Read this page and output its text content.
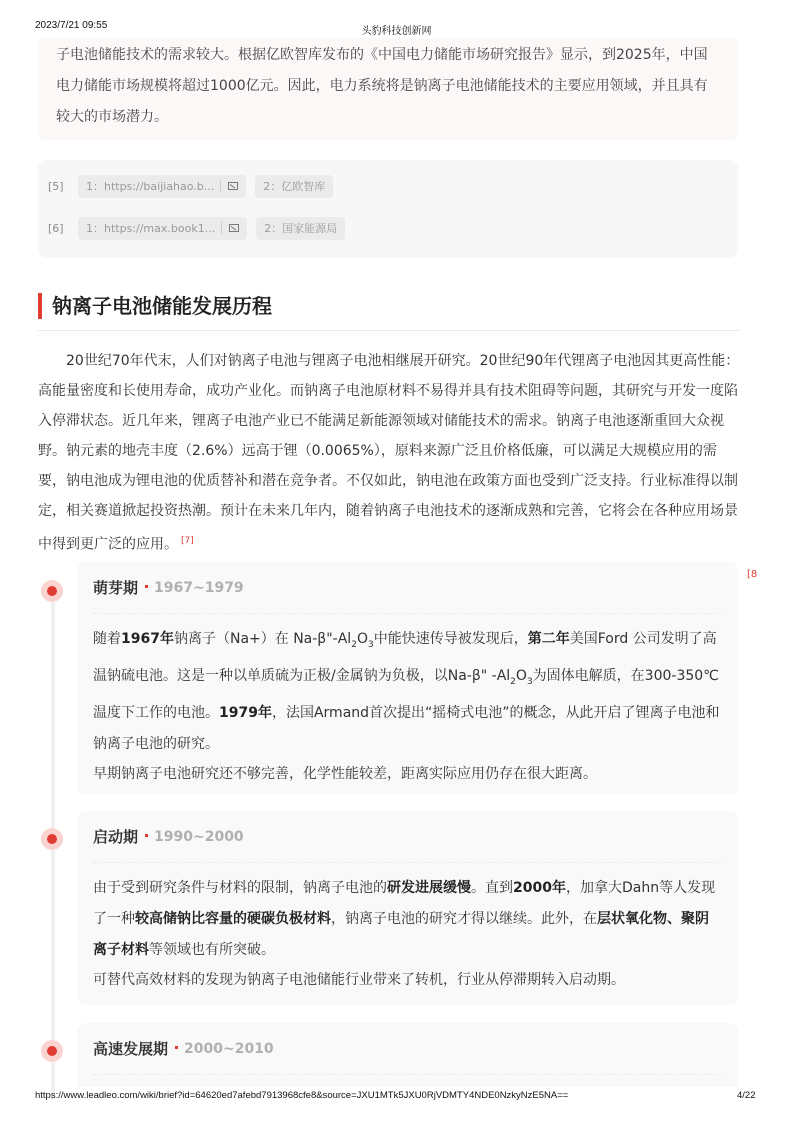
2023/7/21 09:55
头豹科技创新网

子电池储能技术的需求较大。根据亿欧智库发布的《中国电力储能市场研究报告》显示，到2025年，中国电力储能市场规模将超过1000亿元。因此，电力系统将是钠离子电池储能技术的主要应用领域，并且具有较大的市场潜力。

[5]	1：https://baijiahao.b...	2：亿欧智库
[6]	1：https://max.book1...	2：国家能源局
钠离子电池储能发展历程

20世纪70年代末，人们对钠离子电池与锂离子电池相继展开研究。20世纪90年代锂离子电池因其更高性能：高能量密度和长使用寿命，成功产业化。而钠离子电池原材料不易得并具有技术阻碍等问题，其研究与开发一度陷入停滞状态。近几年来，锂离子电池产业已不能满足新能源领域对储能技术的需求。钠离子电池逐渐重回大众视野。钠元素的地壳丰度（2.6%）远高于锂（0.0065%），原料来源广泛且价格低廉，可以满足大规模应用的需要，钠电池成为锂电池的优质替补和潜在竞争者。不仅如此，钠电池在政策方面也受到广泛支持。行业标准得以制定，相关赛道掀起投资热潮。预计在未来几年内，随着钠离子电池技术的逐渐成熟和完善，它将会在各种应用场景中得到更广泛的应用。 [7]

[8
萌芽期 1967~1979
随着1967年钠离子（Na+）在 $Na-\beta"-Al_2O_3$中能快速传导被发现后，第二年美国Ford 公司发明了高温钠硫电池。这是一种以单质硫为正极/金属钠为负极，以Na-β" $-Al_2O_3$为固体电解质，在300-350℃温度下工作的电池。1979年，法国Armand首次提出“摇椅式电池”的概念，从此开启了锂离子电池和钠离子电池的研究。
早期钠离子电池研究还不够完善，化学性能较差，距离实际应用仍存在很大距离。
启动期 1990~2000
由于受到研究条件与材料的限制，钠离子电池的研发进展缓慢。直到2000年，加拿大Dahn等人发现了一种较高储钠比容量的硬碳负极材料，钠离子电池的研究才得以继续。此外，在层状氧化物、聚阴离子材料等领域也有所突破。
可替代高效材料的发现为钠离子电池储能行业带来了转机，行业从停滞期转入启动期。
高速发展期 2000~2010
https://www.leadleo.com/wiki/brief?id=64620ed7afebd7913968cfe8&source=JXU1MTk5JXU0RjVDMTY4NDE0NzkyNzE5NA==	4/22
